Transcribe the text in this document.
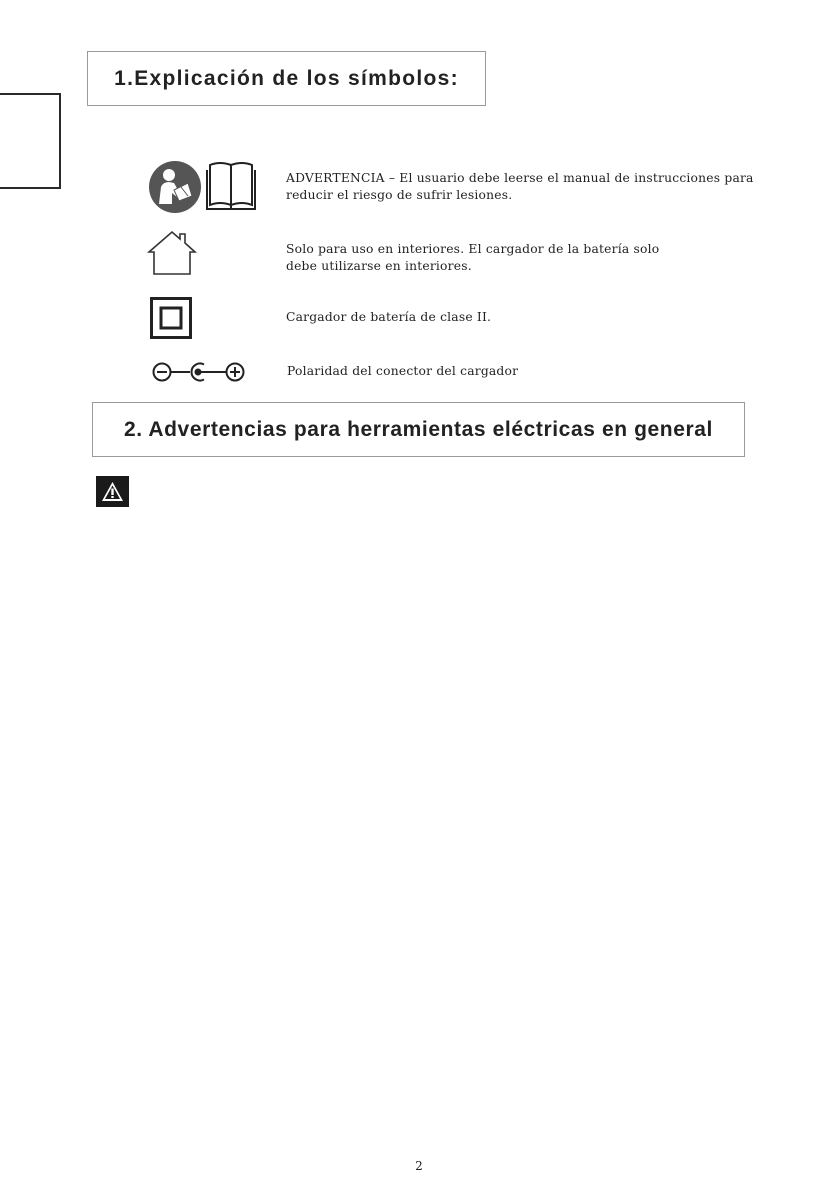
1.Explicación de los símbolos:

ADVERTENCIA – El usuario debe leerse el manual de instrucciones para
reducir el riesgo de sufrir lesiones.

Solo para uso en interiores. El cargador de la batería solo
debe utilizarse en interiores.

Cargador de batería de clase II.

Polaridad del conector del cargador

2. Advertencias para herramientas eléctricas en general
2
